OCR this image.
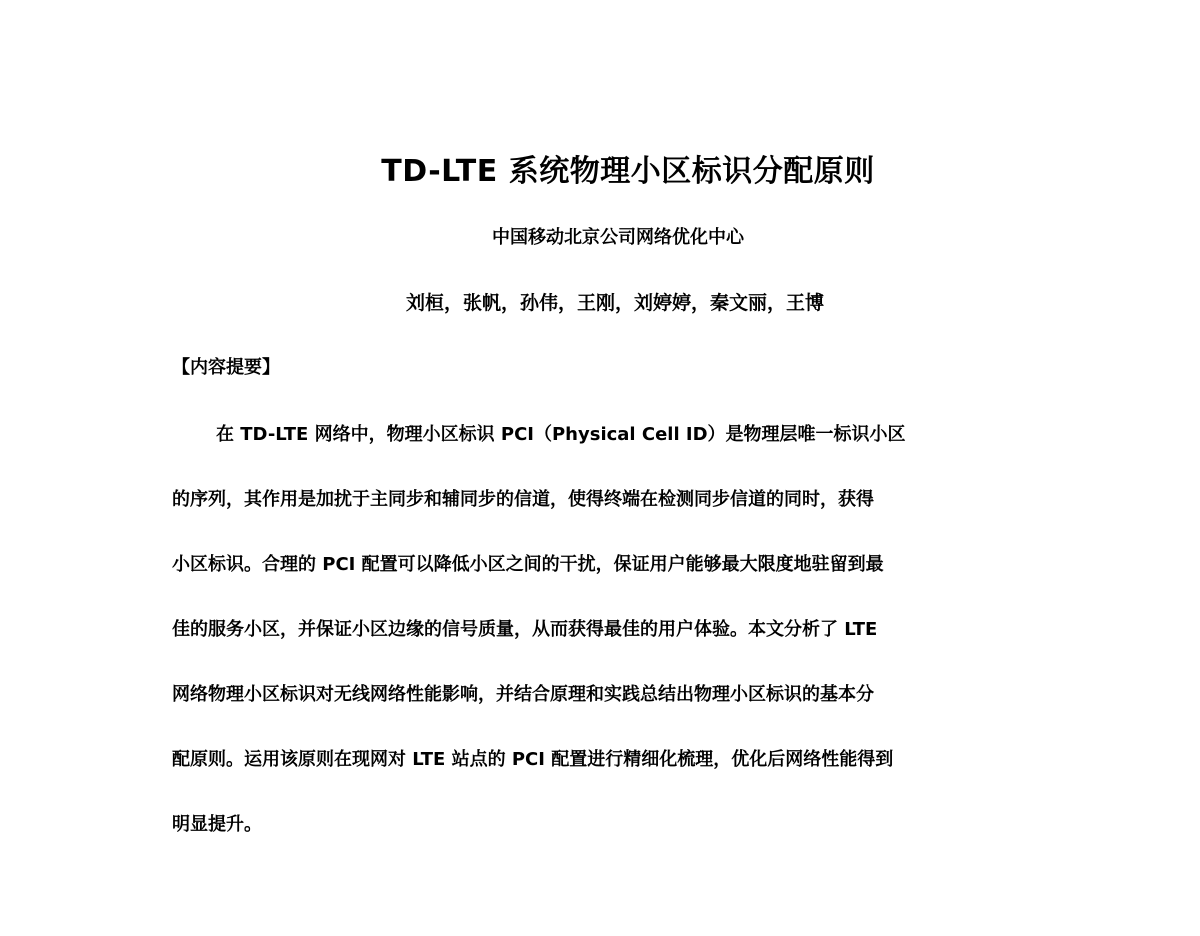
TD-LTE 系统物理小区标识分配原则
中国移动北京公司网络优化中心
刘桓，张帆，孙伟，王刚，刘婷婷，秦文丽，王博
【内容提要】
在 TD-LTE 网络中，物理小区标识 PCI（Physical Cell ID）是物理层唯一标识小区
的序列，其作用是加扰于主同步和辅同步的信道，使得终端在检测同步信道的同时，获得
小区标识。合理的 PCI 配置可以降低小区之间的干扰，保证用户能够最大限度地驻留到最
佳的服务小区，并保证小区边缘的信号质量，从而获得最佳的用户体验。本文分析了 LTE
网络物理小区标识对无线网络性能影响，并结合原理和实践总结出物理小区标识的基本分
配原则。运用该原则在现网对 LTE 站点的 PCI 配置进行精细化梳理，优化后网络性能得到
明显提升。
